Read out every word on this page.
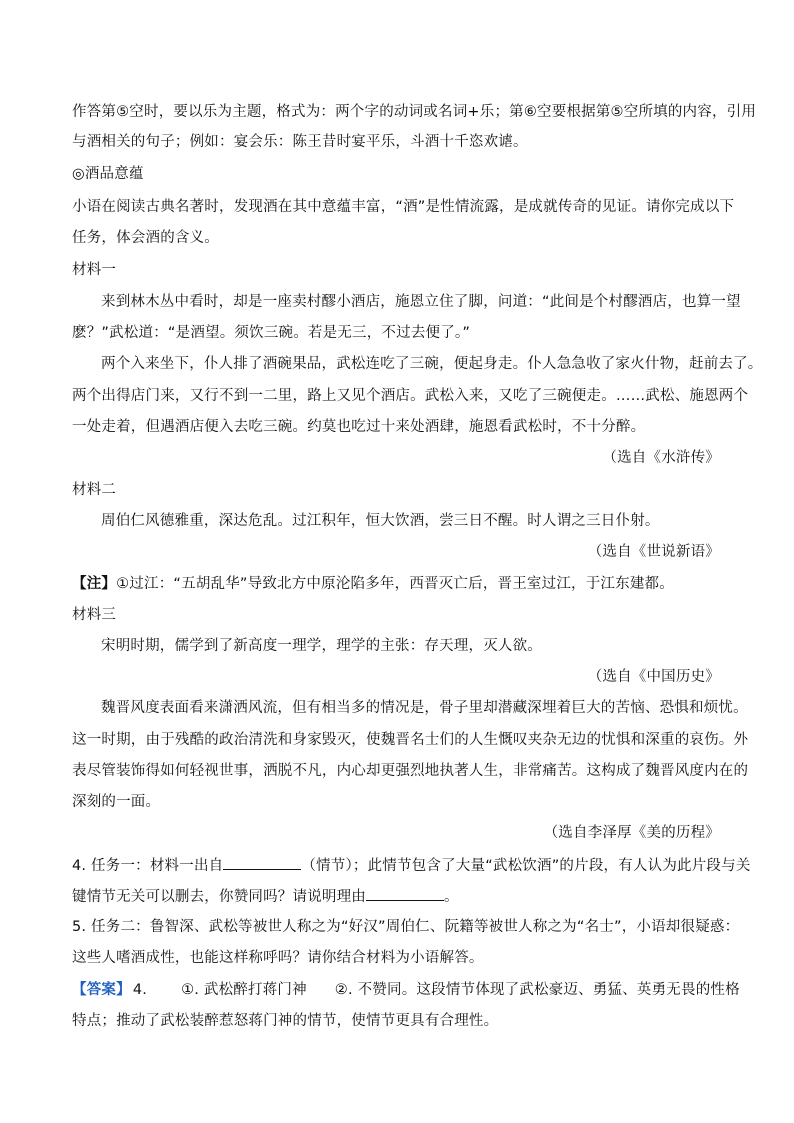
作答第⑤空时，要以乐为主题，格式为：两个字的动词或名词+乐；第⑥空要根据第⑤空所填的内容，引用
与酒相关的句子；例如：宴会乐：陈王昔时宴平乐，斗酒十千恣欢谑。
◎酒品意蕴
小语在阅读古典名著时，发现酒在其中意蕴丰富，“酒”是性情流露，是成就传奇的见证。请你完成以下
任务，体会酒的含义。
材料一
来到林木丛中看时，却是一座卖村醪小酒店，施恩立住了脚，问道：“此间是个村醪酒店，也算一望
麽？”武松道：“是酒望。须饮三碗。若是无三，不过去便了。”
两个入来坐下，仆人排了酒碗果品，武松连吃了三碗，便起身走。仆人急急收了家火什物，赶前去了。
两个出得店门来，又行不到一二里，路上又见个酒店。武松入来，又吃了三碗便走。……武松、施恩两个
一处走着，但遇酒店便入去吃三碗。约莫也吃过十来处酒肆，施恩看武松时，不十分醉。
（选自《水浒传》
材料二
周伯仁风德雅重，深达危乱。过江积年，恒大饮酒，尝三日不醒。时人谓之三日仆射。
（选自《世说新语》
【注】①过江：“五胡乱华”导致北方中原沦陷多年，西晋灭亡后，晋王室过江，于江东建都。
材料三
宋明时期，儒学到了新高度一理学，理学的主张：存天理，灭人欲。
（选自《中国历史》
魏晋风度表面看来潇洒风流，但有相当多的情况是，骨子里却潜藏深埋着巨大的苦恼、恐惧和烦忧。
这一时期，由于残酷的政治清洗和身家毁灭，使魏晋名士们的人生慨叹夹杂无边的忧惧和深重的哀伤。外
表尽管装饰得如何轻视世事，洒脱不凡，内心却更强烈地执著人生，非常痛苦。这构成了魏晋风度内在的
深刻的一面。
（选自李泽厚《美的历程》
4. 任务一：材料一出自	（情节）；此情节包含了大量“武松饮酒”的片段，有人认为此片段与关
键情节无关可以删去，你赞同吗？请说明理由	。
5. 任务二：鲁智深、武松等被世人称之为“好汉”周伯仁、阮籍等被世人称之为“名士”，小语却很疑惑：
这些人嗜酒成性，也能这样称呼吗？请你结合材料为小语解答。
【答案】 4. ①. 武松醉打蒋门神 ②. 不赞同。这段情节体现了武松豪迈、勇猛、英勇无畏的性格
特点；推动了武松装醉惹怒蒋门神的情节，使情节更具有合理性。
